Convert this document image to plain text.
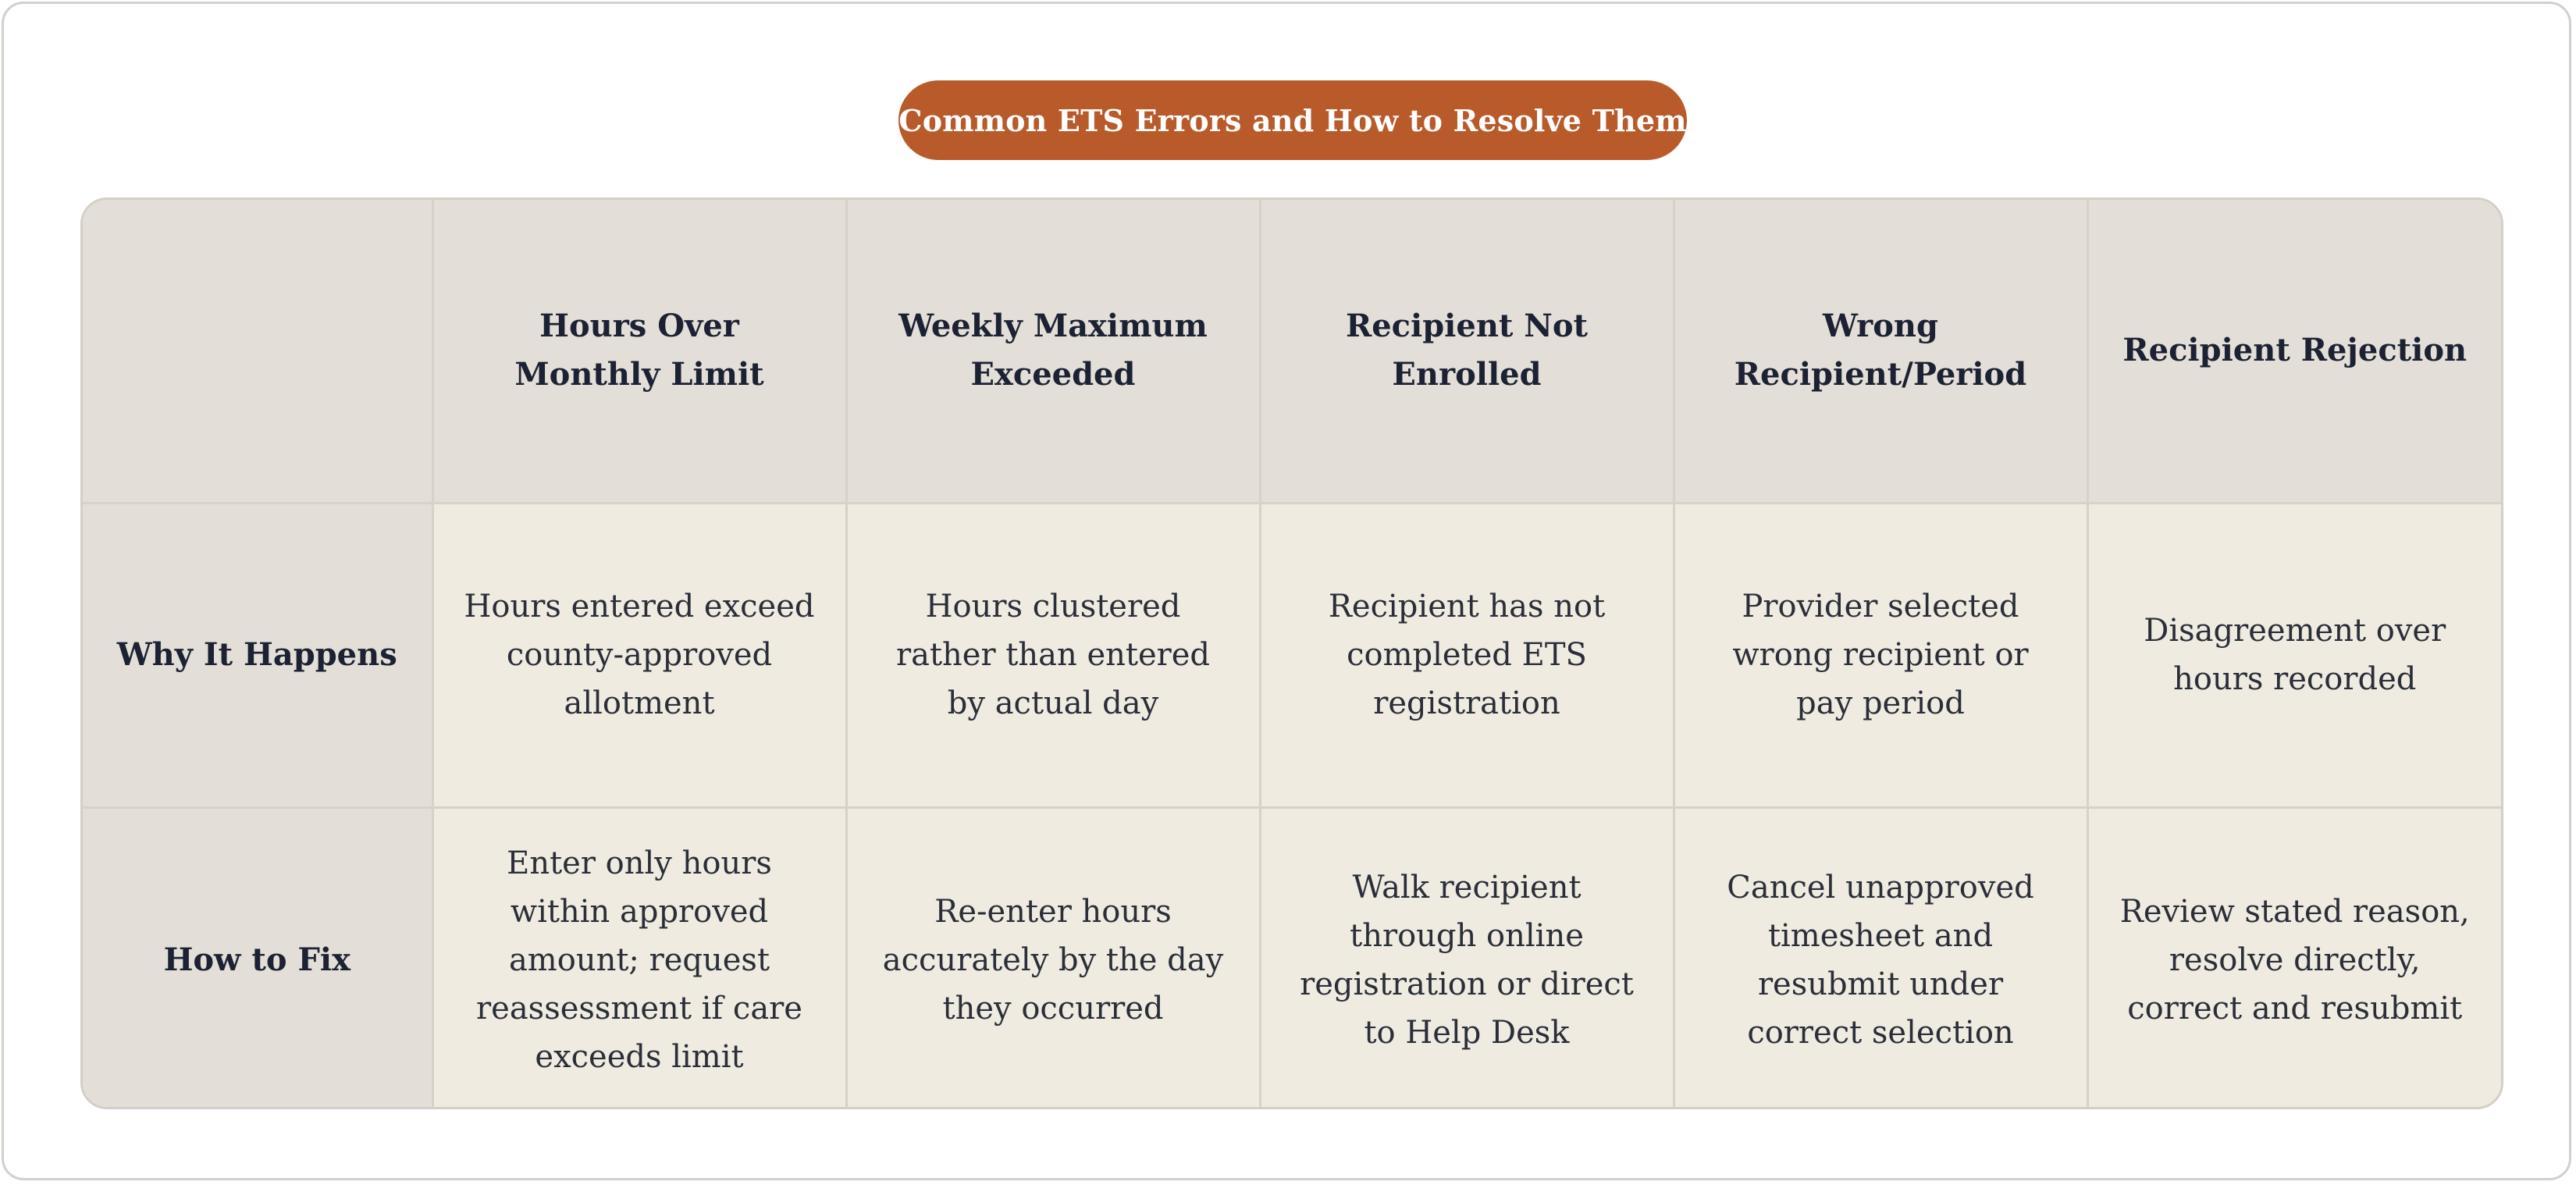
Common ETS Errors and How to Resolve Them
	Hours Over Monthly Limit	Weekly Maximum Exceeded	Recipient Not Enrolled	Wrong Recipient/Period	Recipient Rejection
Why It Happens	Hours entered exceed county-approved allotment	Hours clustered rather than entered by actual day	Recipient has not completed ETS registration	Provider selected wrong recipient or pay period	Disagreement over hours recorded
How to Fix	Enter only hours within approved amount; request reassessment if care exceeds limit	Re-enter hours accurately by the day they occurred	Walk recipient through online registration or direct to Help Desk	Cancel unapproved timesheet and resubmit under correct selection	Review stated reason, resolve directly, correct and resubmit
